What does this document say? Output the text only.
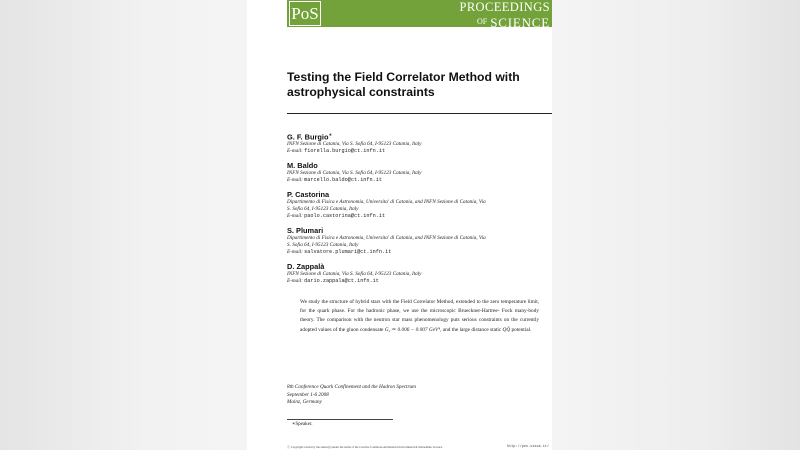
PoS	PROCEEDINGS
OF SCIENCE
Testing the Field Correlator Method with
astrophysical constraints
G. F. Burgio∗
INFN Sezione di Catania, Via S. Sofia 64, I-95123 Catania, Italy
E-mail: fiorella.burgio@ct.infn.it
M. Baldo
INFN Sezione di Catania, Via S. Sofia 64, I-95123 Catania, Italy
E-mail: marcello.baldo@ct.infn.it
P. Castorina
Dipartimento di Fisica e Astronomia, Universita' di Catania, and INFN Sezione di Catania, Via
S. Sofia 64, I-95123 Catania, Italy
E-mail: paolo.castorina@ct.infn.it
S. Plumari
Dipartimento di Fisica e Astronomia, Universita' di Catania, and INFN Sezione di Catania, Via
S. Sofia 64, I-95123 Catania, Italy
E-mail: salvatore.plumari@ct.infn.it
D. Zappalà
INFN Sezione di Catania, Via S. Sofia 64, I-95123 Catania, Italy
E-mail: dario.zappala@ct.infn.it
We study the structure of hybrid stars with the Field Correlator Method, extended to the zero temperature limit, for the quark phase. For the hadronic phase, we use the microscopic Brueckner-Hartree- Fock many-body theory. The comparison with the neutron star mass phenomenology puts serious constraints on the currently adopted values of the gluon condensate G₂ ≃ 0.006 − 0.007 GeV⁴, and the large distance static QQ̄ potential.
8th Conference Quark Confinement and the Hadron Spectrum
September 1-6 2008
Mainz, Germany
∗Speaker.
ⓒ Copyright owned by the author(s) under the terms of the Creative Commons Attribution-NonCommercial-ShareAlike Licence.	http://pos.sissa.it/
